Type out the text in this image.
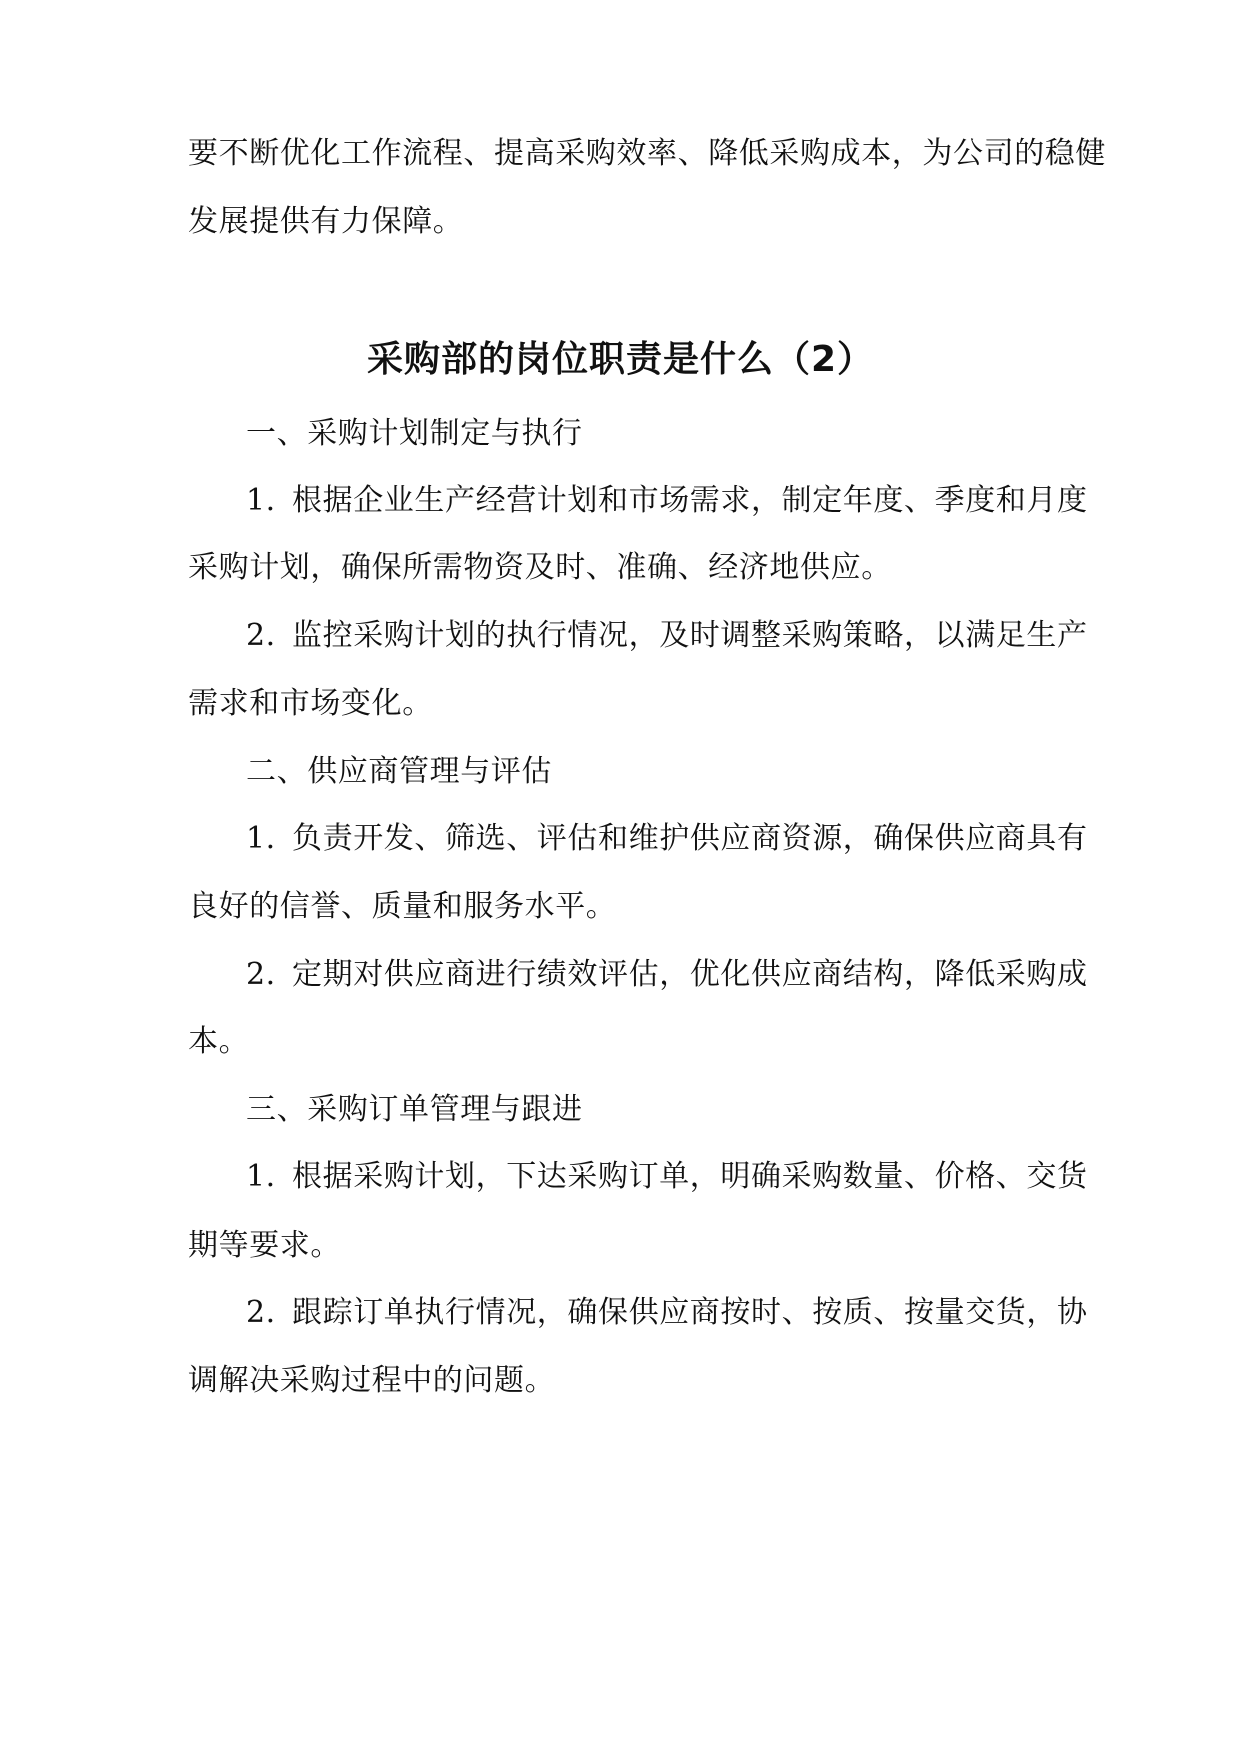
要不断优化工作流程、提高采购效率、降低采购成本，为公司的稳健
发展提供有力保障。
采购部的岗位职责是什么（2）
一、采购计划制定与执行
1. 根据企业生产经营计划和市场需求，制定年度、季度和月度
采购计划，确保所需物资及时、准确、经济地供应。
2. 监控采购计划的执行情况，及时调整采购策略，以满足生产
需求和市场变化。
二、供应商管理与评估
1. 负责开发、筛选、评估和维护供应商资源，确保供应商具有
良好的信誉、质量和服务水平。
2. 定期对供应商进行绩效评估，优化供应商结构，降低采购成
本。
三、采购订单管理与跟进
1. 根据采购计划，下达采购订单，明确采购数量、价格、交货
期等要求。
2. 跟踪订单执行情况，确保供应商按时、按质、按量交货，协
调解决采购过程中的问题。
